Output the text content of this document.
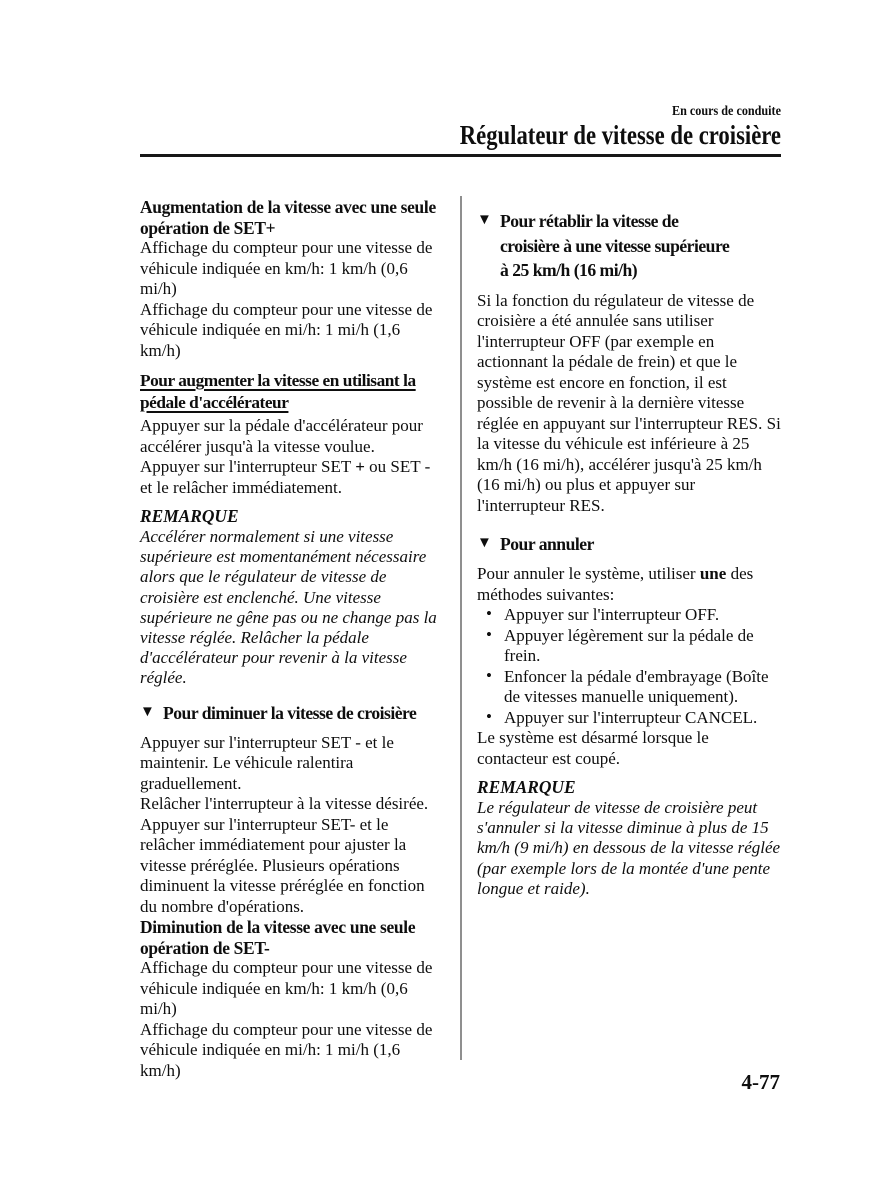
En cours de conduite
Régulateur de vitesse de croisière
Augmentation de la vitesse avec une seule opération de SET+

Affichage du compteur pour une vitesse de véhicule indiquée en km/h: 1 km/h (0,6 mi/h)

Affichage du compteur pour une vitesse de véhicule indiquée en mi/h: 1 mi/h (1,6 km/h)

Pour augmenter la vitesse en utilisant la
pédale d'accélérateur

Appuyer sur la pédale d'accélérateur pour accélérer jusqu'à la vitesse voulue.

Appuyer sur l'interrupteur SET + ou SET - et le relâcher immédiatement.

REMARQUE

Accélérer normalement si une vitesse supérieure est momentanément nécessaire alors que le régulateur de vitesse de croisière est enclenché. Une vitesse supérieure ne gêne pas ou ne change pas la vitesse réglée. Relâcher la pédale d'accélérateur pour revenir à la vitesse réglée.

▼ Pour diminuer la vitesse de croisière

Appuyer sur l'interrupteur SET - et le maintenir. Le véhicule ralentira graduellement.

Relâcher l'interrupteur à la vitesse désirée.

Appuyer sur l'interrupteur SET- et le relâcher immédiatement pour ajuster la vitesse préréglée. Plusieurs opérations diminuent la vitesse préréglée en fonction du nombre d'opérations.

Diminution de la vitesse avec une seule opération de SET-

Affichage du compteur pour une vitesse de véhicule indiquée en km/h: 1 km/h (0,6 mi/h)

Affichage du compteur pour une vitesse de véhicule indiquée en mi/h: 1 mi/h (1,6 km/h)

▼ Pour rétablir la vitesse de
croisière à une vitesse supérieure
à 25 km/h (16 mi/h)

Si la fonction du régulateur de vitesse de croisière a été annulée sans utiliser l'interrupteur OFF (par exemple en actionnant la pédale de frein) et que le système est encore en fonction, il est possible de revenir à la dernière vitesse réglée en appuyant sur l'interrupteur RES. Si la vitesse du véhicule est inférieure à 25 km/h (16 mi/h), accélérer jusqu'à 25 km/h (16 mi/h) ou plus et appuyer sur l'interrupteur RES.

▼ Pour annuler

Pour annuler le système, utiliser une des méthodes suivantes:

• Appuyer sur l'interrupteur OFF.
• Appuyer légèrement sur la pédale de frein.
• Enfoncer la pédale d'embrayage (Boîte de vitesses manuelle uniquement).
• Appuyer sur l'interrupteur CANCEL.

Le système est désarmé lorsque le contacteur est coupé.

REMARQUE

Le régulateur de vitesse de croisière peut s'annuler si la vitesse diminue à plus de 15 km/h (9 mi/h) en dessous de la vitesse réglée (par exemple lors de la montée d'une pente longue et raide).

4-77
